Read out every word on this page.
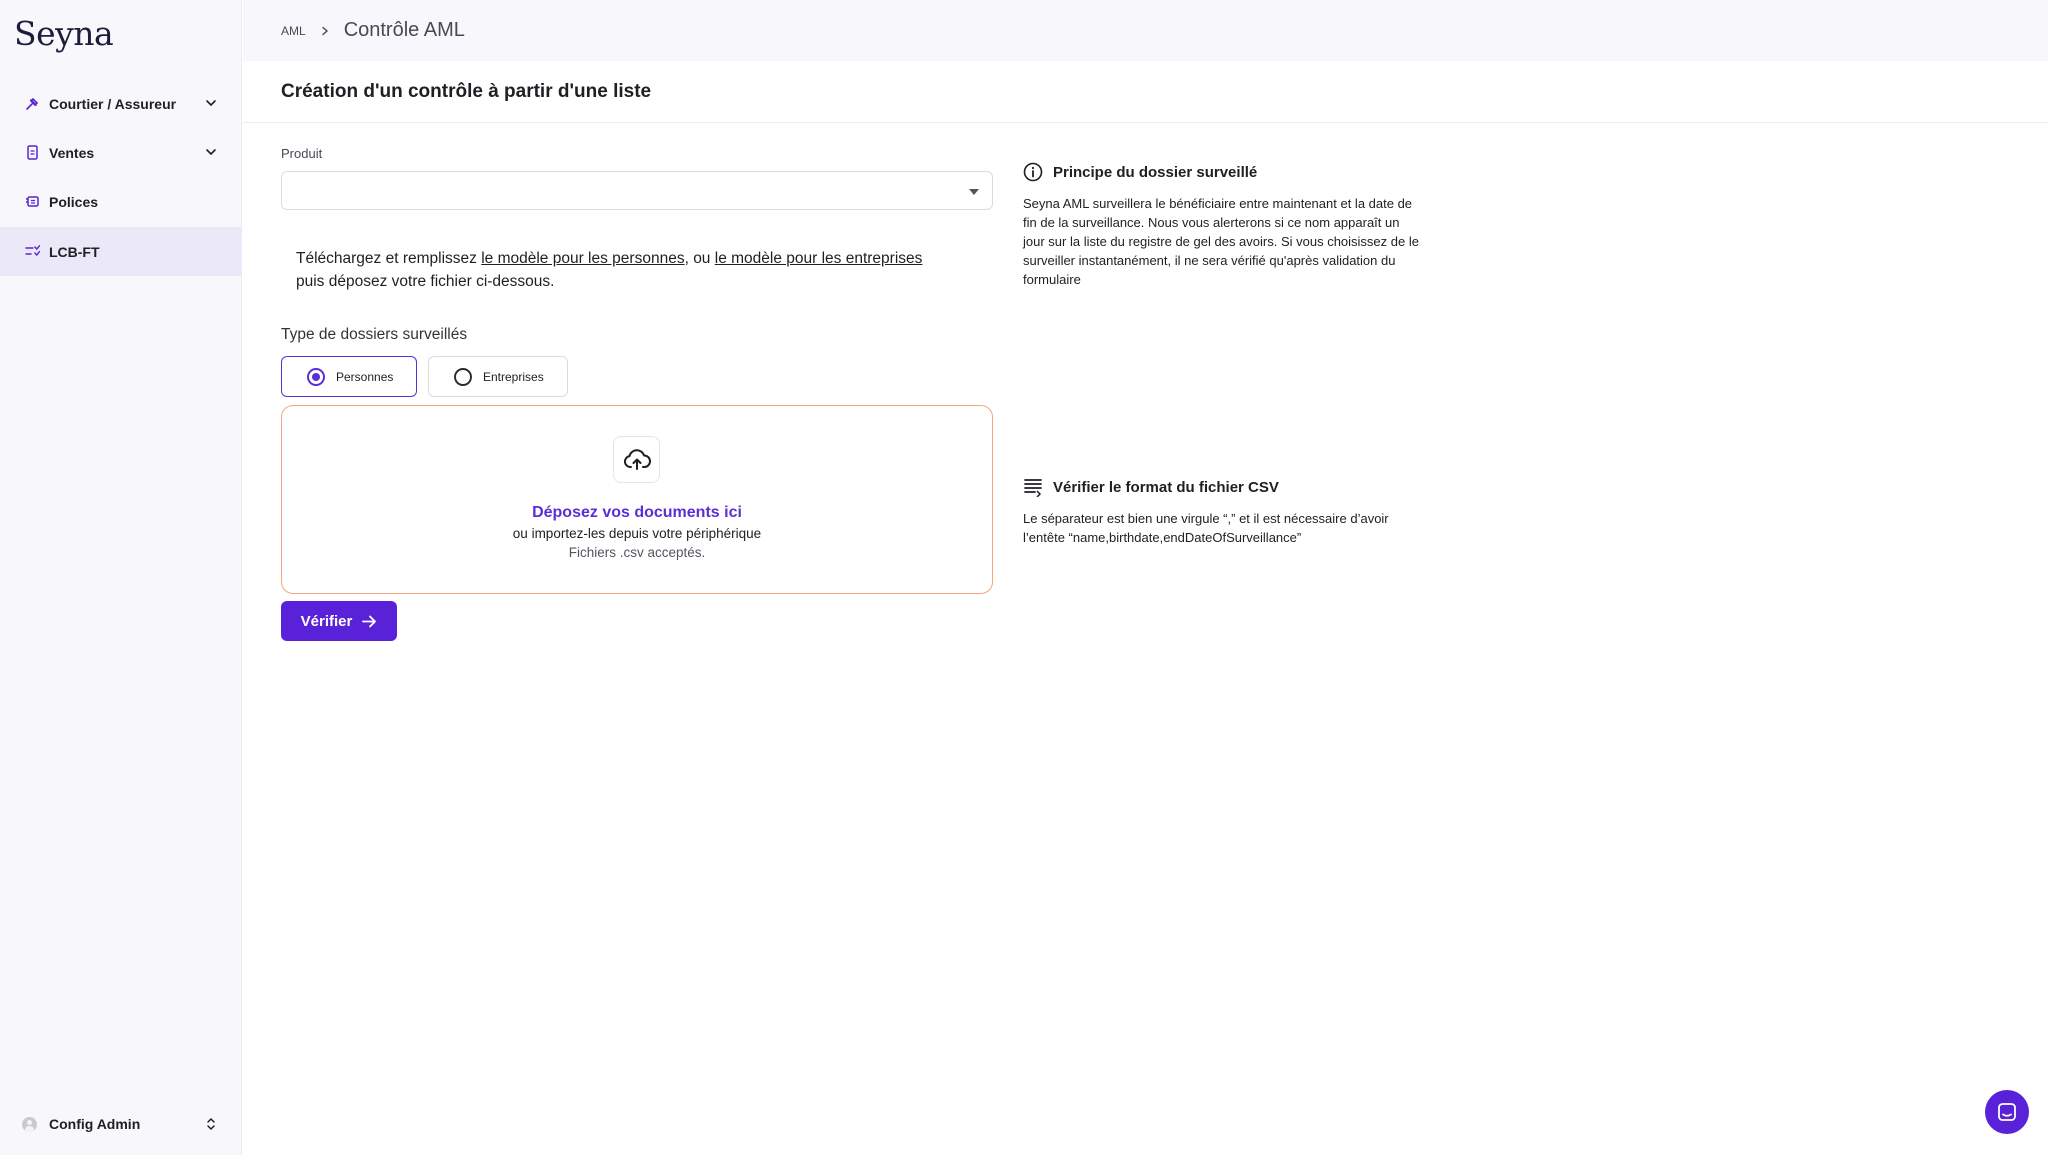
Seyna
Courtier / Assureur
Ventes
Polices
LCB-FT
Config Admin
AML Contrôle AML
Création d'un contrôle à partir d'une liste
Produit

Téléchargez et remplissez le modèle pour les personnes, ou le modèle pour les entreprises
puis déposez votre fichier ci-dessous.

Type de dossiers surveillés
Personnes	Entreprises
Déposez vos documents ici
ou importez-les depuis votre périphérique
Fichiers .csv acceptés.
Vérifier
Principe du dossier surveillé

Seyna AML surveillera le bénéficiaire entre maintenant et la date de fin de la surveillance. Nous vous alerterons si ce nom apparaît un jour sur la liste du registre de gel des avoirs. Si vous choisissez de le surveiller instantanément, il ne sera vérifié qu'après validation du formulaire

Vérifier le format du fichier CSV

Le séparateur est bien une virgule “,” et il est nécessaire d’avoir l’entête “name,birthdate,endDateOfSurveillance”
